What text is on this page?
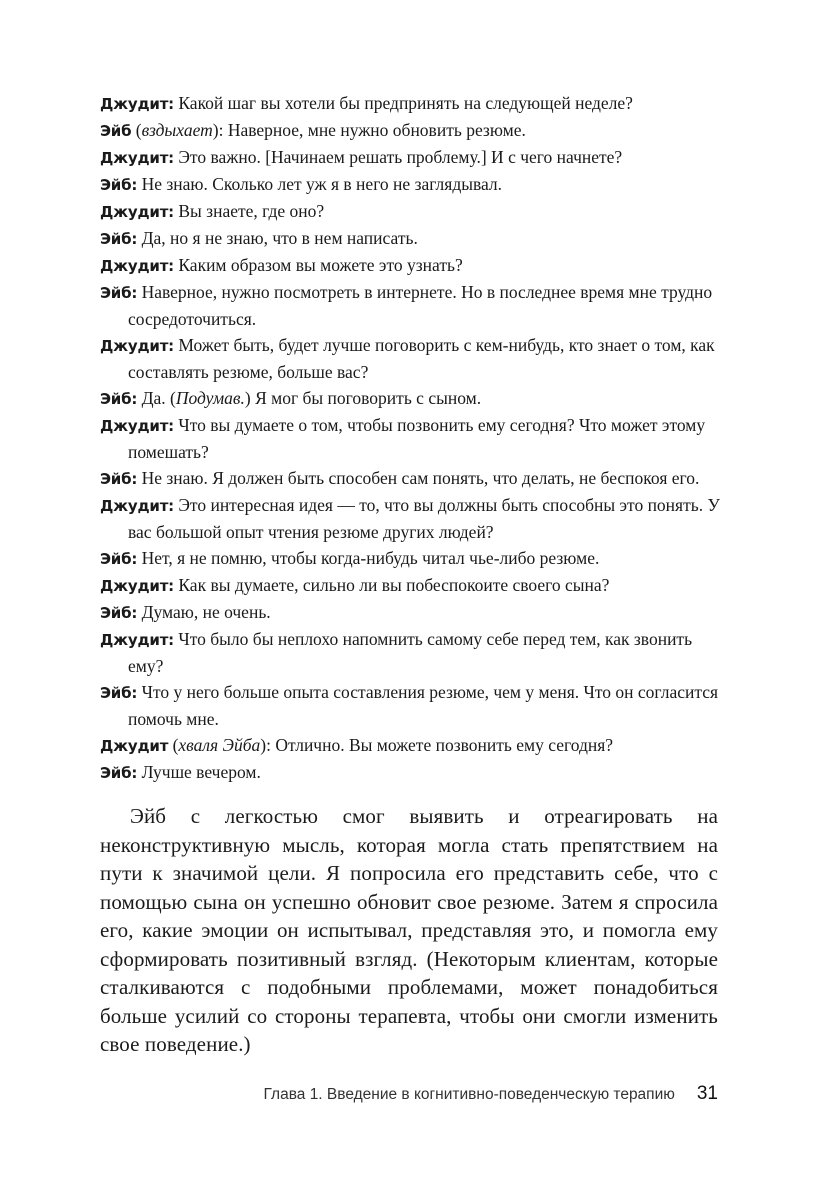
Джудит: Какой шаг вы хотели бы предпринять на следующей неделе?

Эйб (вздыхает): Наверное, мне нужно обновить резюме.

Джудит: Это важно. [Начинаем решать проблему.] И с чего начнете?

Эйб: Не знаю. Сколько лет уж я в него не заглядывал.

Джудит: Вы знаете, где оно?

Эйб: Да, но я не знаю, что в нем написать.

Джудит: Каким образом вы можете это узнать?

Эйб: Наверное, нужно посмотреть в интернете. Но в последнее время мне трудно сосредоточиться.

Джудит: Может быть, будет лучше поговорить с кем-нибудь, кто знает о том, как составлять резюме, больше вас?

Эйб: Да. (Подумав.) Я мог бы поговорить с сыном.

Джудит: Что вы думаете о том, чтобы позвонить ему сегодня? Что может этому помешать?

Эйб: Не знаю. Я должен быть способен сам понять, что делать, не беспокоя его.

Джудит: Это интересная идея — то, что вы должны быть способны это понять. У вас большой опыт чтения резюме других людей?

Эйб: Нет, я не помню, чтобы когда-нибудь читал чье-либо резюме.

Джудит: Как вы думаете, сильно ли вы побеспокоите своего сына?

Эйб: Думаю, не очень.

Джудит: Что было бы неплохо напомнить самому себе перед тем, как звонить ему?

Эйб: Что у него больше опыта составления резюме, чем у меня. Что он согласится помочь мне.

Джудит (хваля Эйба): Отлично. Вы можете позвонить ему сегодня?

Эйб: Лучше вечером.

Эйб с легкостью смог выявить и отреагировать на неконструктивную мысль, которая могла стать препятствием на пути к значимой цели. Я попросила его представить себе, что с помощью сына он успешно обновит свое резюме. Затем я спросила его, какие эмоции он испытывал, представляя это, и помогла ему сформировать позитивный взгляд. (Некоторым клиентам, которые сталкиваются с подобными проблемами, может понадобиться больше усилий со стороны терапевта, чтобы они смогли изменить свое поведение.)

Глава 1. Введение в когнитивно-поведенческую терапию 31
